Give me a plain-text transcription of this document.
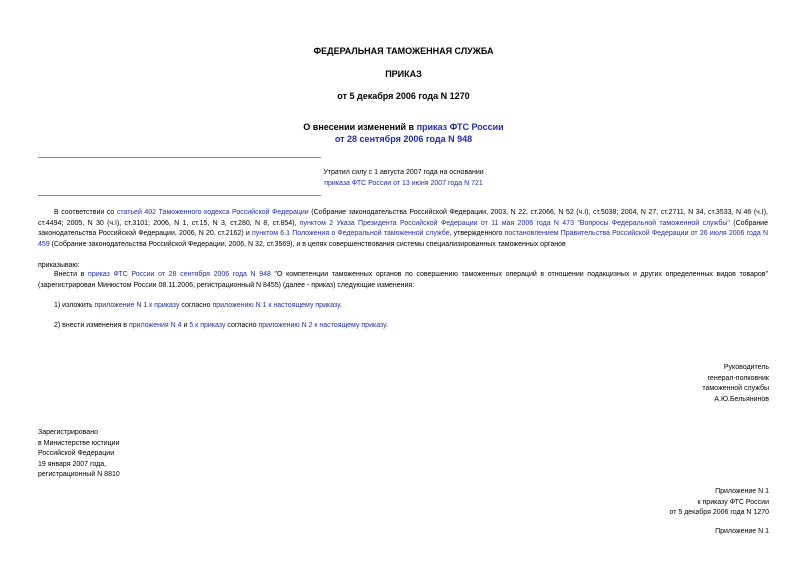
ФЕДЕРАЛЬНАЯ ТАМОЖЕННАЯ СЛУЖБА
ПРИКАЗ
от 5 декабря 2006 года N 1270
О внесении изменений в приказ ФТС России
от 28 сентября 2006 года N 948
Утратил силу с 1 августа 2007 года на основании
приказа ФТС России от 13 июня 2007 года N 721
В соответствии со статьей 402 Таможенного кодекса Российской Федерации (Собрание законодательства Российской Федерации, 2003, N 22, ст.2066, N 52 (ч.I), ст.5038; 2004, N 27, ст.2711, N 34, ст.3533, N 46 (ч.I), ст.4494; 2005, N 30 (ч.I), ст.3101; 2006, N 1, ст.15, N 3, ст.280, N 8, ст.854), пунктом 2 Указа Президента Российской Федерации от 11 мая 2006 года N 473 "Вопросы Федеральной таможенной службы" (Собрание законодательства Российской Федерации, 2006, N 20, ст.2162) и пунктом 6.1 Положения о Федеральной таможенной службе, утвержденного постановлением Правительства Российской Федерации от 26 июля 2006 года N 459 (Собрание законодательства Российской Федерации, 2006, N 32, ст.3569), и в целях совершенствования системы специализированных таможенных органов
приказываю:
Внести в приказ ФТС России от 28 сентября 2006 года N 948 "О компетенции таможенных органов по совершению таможенных операций в отношении подакцизных и других определенных видов товаров" (зарегистрирован Минюстом России 08.11.2006, регистрационный N 8455) (далее - приказ) следующие изменения:
1) изложить приложение N 1 к приказу согласно приложению N 1 к настоящему приказу.
2) внести изменения в приложения N 4 и 5 к приказу согласно приложению N 2 к настоящему приказу.
Руководитель
генерал-полковник
таможенной службы
А.Ю.Бельянинов
Зарегистрировано
в Министерстве юстиции
Российской Федерации
19 января 2007 года,
регистрационный N 8810
Приложение N 1
к приказу ФТС России
от 5 декабря 2006 года N 1270
Приложение N 1
